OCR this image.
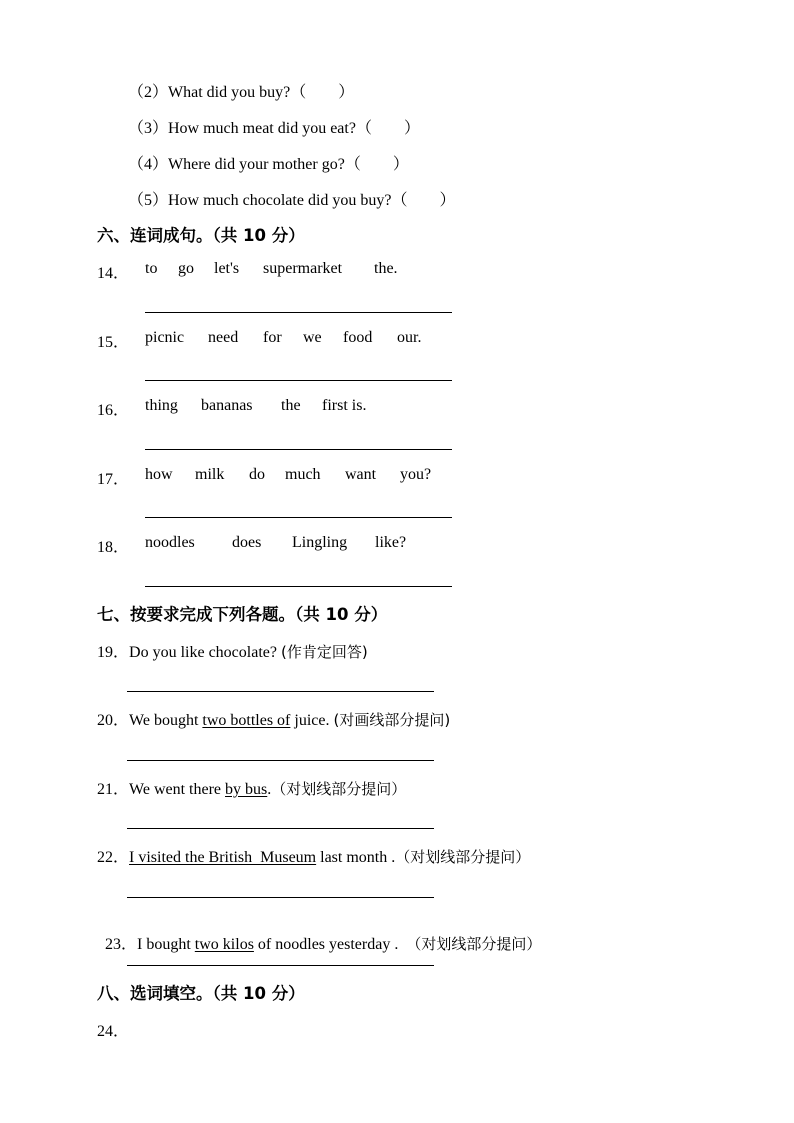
（2）What did you buy?（　　）
（3）How much meat did you eat?（　　）
（4）Where did your mother go?（　　）
（5）How much chocolate did you buy?（　　）
六、连词成句。（共 10 分）
14． to go let's supermarket the.
15． picnic need for we food our.
16． thing bananas the first is.
17． how milk do much want you?
18． noodles does Lingling like?
七、按要求完成下列各题。（共 10 分）
19．Do you like chocolate? (作肯定回答)
20．We bought two bottles of juice. (对画线部分提问)
21．We went there by bus.（对划线部分提问）
22．I visited the British  Museum last month .（对划线部分提问）

23．I bought two kilos of noodles yesterday .  （对划线部分提问）

八、选词填空。（共 10 分）
24．
